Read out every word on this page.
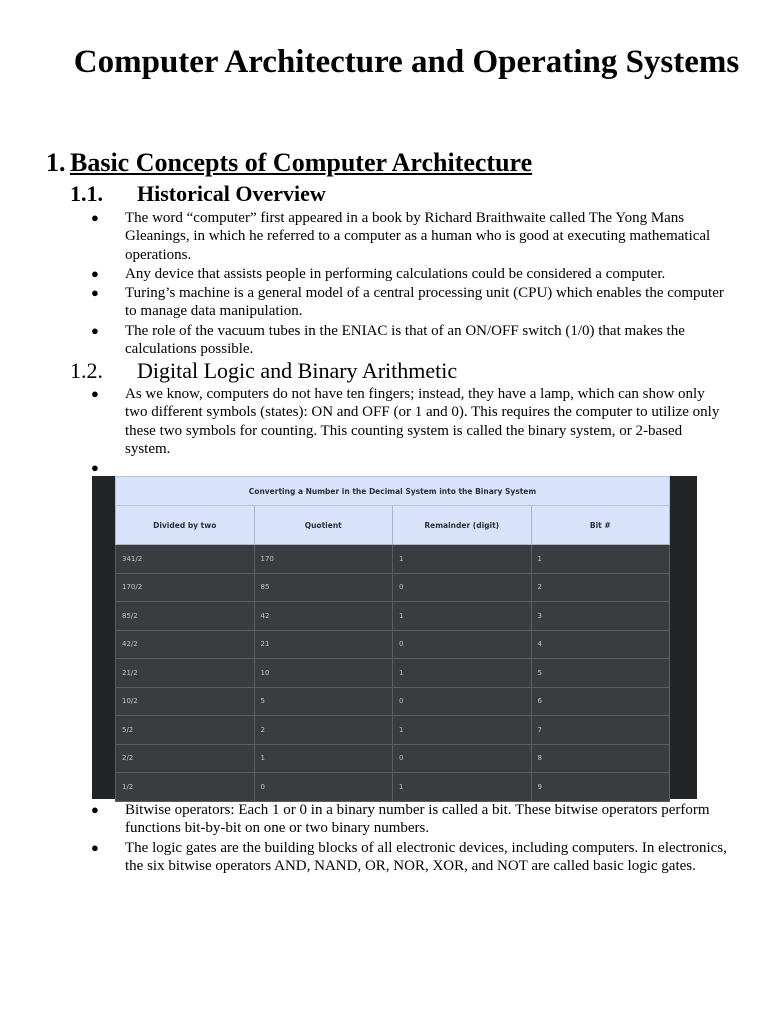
Computer Architecture and Operating Systems
1. Basic Concepts of Computer Architecture
1.1. Historical Overview
● The word “computer” first appeared in a book by Richard Braithwaite called The Yong Mans Gleanings, in which he referred to a computer as a human who is good at executing mathematical operations.
● Any device that assists people in performing calculations could be considered a computer.
● Turing’s machine is a general model of a central processing unit (CPU) which enables the computer to manage data manipulation.
● The role of the vacuum tubes in the ENIAC is that of an ON/OFF switch (1/0) that makes the calculations possible.
1.2. Digital Logic and Binary Arithmetic
● As we know, computers do not have ten fingers; instead, they have a lamp, which can show only two different symbols (states): ON and OFF (or 1 and 0). This requires the computer to utilize only these two symbols for counting. This counting system is called the binary system, or 2-based system.
●

Converting a Number in the Decimal System into the Binary System			
Divided by two	Quotient	Remainder (digit)	Bit #
341/2	170	1	1
170/2	85	0	2
85/2	42	1	3
42/2	21	0	4
21/2	10	1	5
10/2	5	0	6
5/2	2	1	7
2/2	1	0	8
1/2	0	1	9
● Bitwise operators: Each 1 or 0 in a binary number is called a bit. These bitwise operators perform functions bit-by-bit on one or two binary numbers.
● The logic gates are the building blocks of all electronic devices, including computers. In electronics, the six bitwise operators AND, NAND, OR, NOR, XOR, and NOT are called basic logic gates.
